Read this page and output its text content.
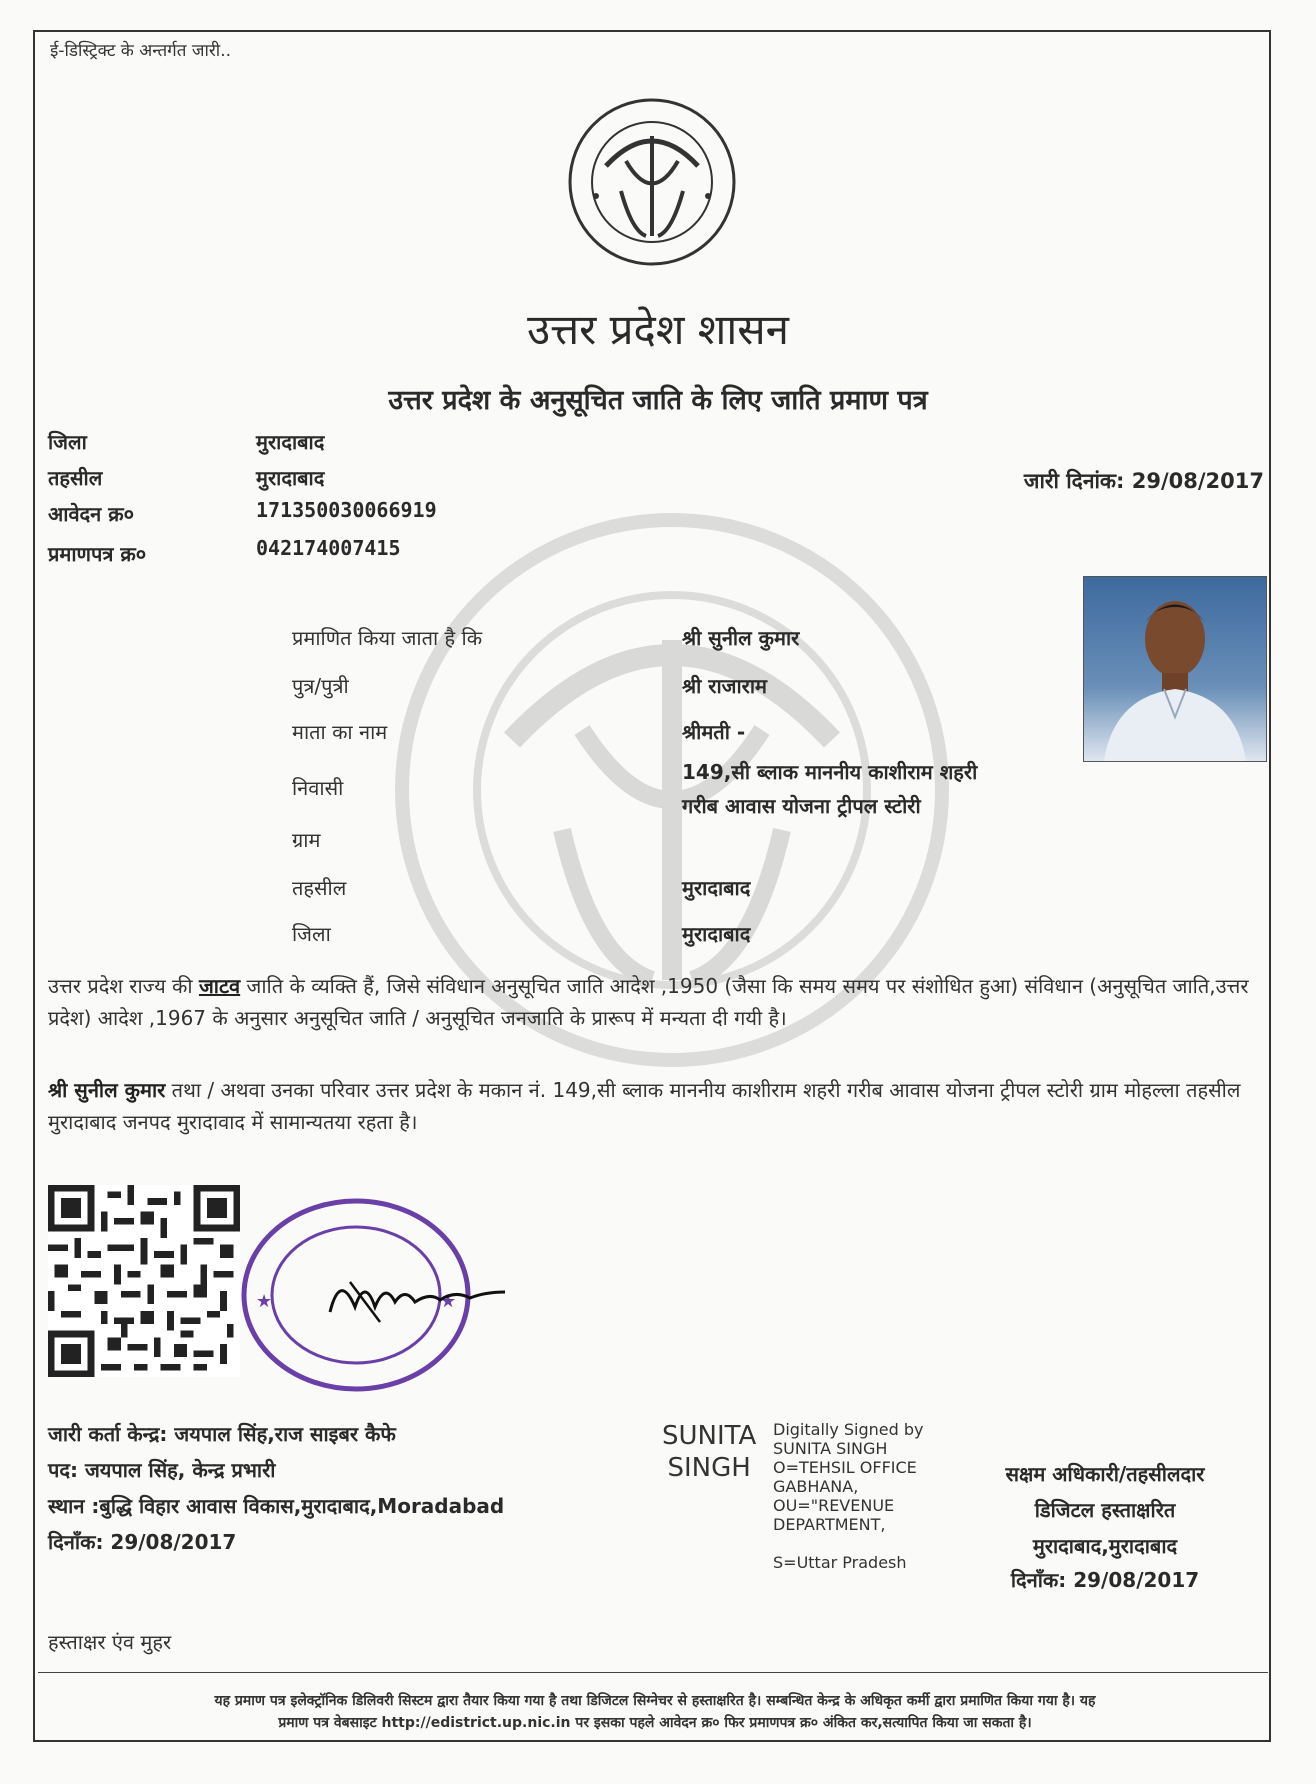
ई-डिस्ट्रिक्ट के अन्तर्गत जारी..
उत्तर प्रदेश शासन
उत्तर प्रदेश के अनुसूचित जाति के लिए जाति प्रमाण पत्र
जिला	मुरादाबाद
तहसील	मुरादाबाद
आवेदन क्र०	171350030066919
प्रमाणपत्र क्र०	042174007415
जारी दिनांक: 29/08/2017
प्रमाणित किया जाता है कि	श्री सुनील कुमार
पुत्र/पुत्री	श्री राजाराम
माता का नाम	श्रीमती -
निवासी
149,सी ब्लाक माननीय काशीराम शहरी
गरीब आवास योजना ट्रीपल स्टोरी
ग्राम
तहसील	मुरादाबाद
जिला	मुरादाबाद
उत्तर प्रदेश राज्य की जाटव जाति के व्यक्ति हैं, जिसे संविधान अनुसूचित जाति आदेश ,1950 (जैसा कि समय समय पर संशोधित हुआ) संविधान (अनुसूचित जाति,उत्तर प्रदेश) आदेश ,1967 के अनुसार अनुसूचित जाति / अनुसूचित जनजाति के प्रारूप में मन्यता दी गयी है।
श्री सुनील कुमार तथा / अथवा उनका परिवार उत्तर प्रदेश के मकान नं. 149,सी ब्लाक माननीय काशीराम शहरी गरीब आवास योजना ट्रीपल स्टोरी ग्राम मोहल्ला तहसील मुरादाबाद जनपद मुरादावाद में सामान्यतया रहता है।
★	★
जारी कर्ता केन्द्र: जयपाल सिंह,राज साइबर कैफे
पद: जयपाल सिंह, केन्द्र प्रभारी
स्थान :बुद्धि विहार आवास विकास,मुरादाबाद,Moradabad
दिनाँक: 29/08/2017
SUNITA
SINGH
Digitally Signed by
SUNITA SINGH
O=TEHSIL OFFICE
GABHANA,
OU="REVENUE
DEPARTMENT,
S=Uttar Pradesh
सक्षम अधिकारी/तहसीलदार
डिजिटल हस्ताक्षरित
मुरादाबाद,मुरादाबाद
दिनाँक: 29/08/2017
हस्ताक्षर एंव मुहर
यह प्रमाण पत्र इलेक्ट्रॉनिक डिलिवरी सिस्टम द्वारा तैयार किया गया है तथा डिजिटल सिग्नेचर से हस्ताक्षरित है। सम्बन्धित केन्द्र के अधिकृत कर्मी द्वारा प्रमाणित किया गया है। यह
प्रमाण पत्र वेबसाइट http://edistrict.up.nic.in पर इसका पहले आवेदन क्र० फिर प्रमाणपत्र क्र० अंकित कर,सत्यापित किया जा सकता है।
